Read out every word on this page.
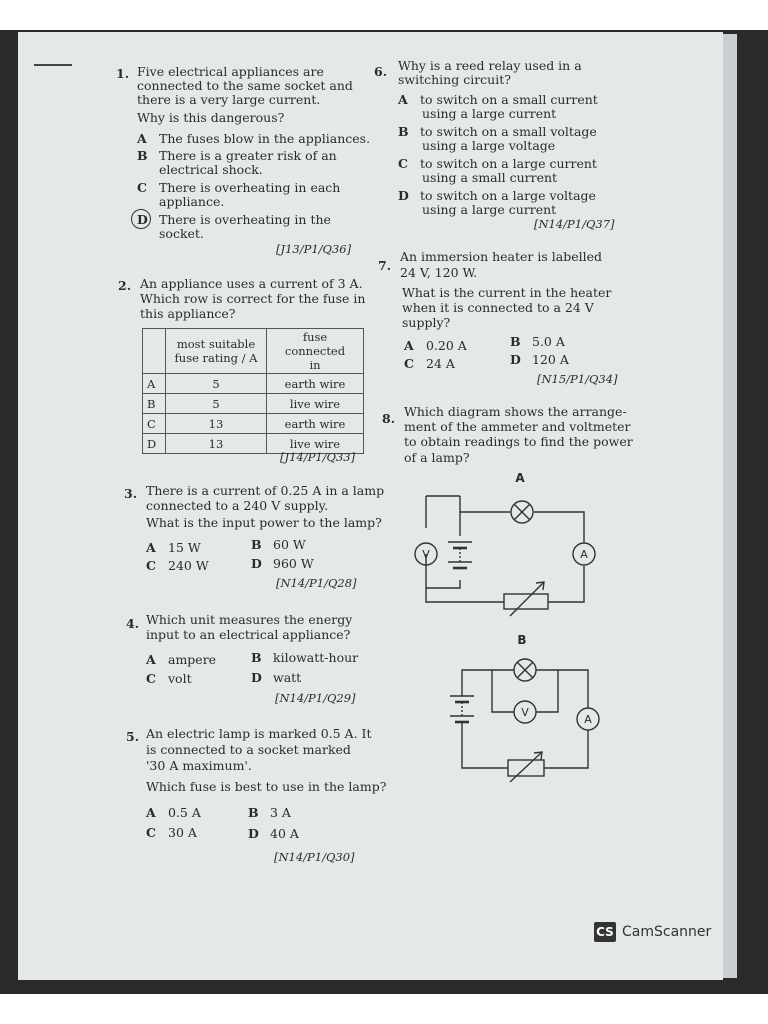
1. Five electrical appliances are
connected to the same socket and
there is a very large current.
Why is this dangerous?
A The fuses blow in the appliances.
B There is a greater risk of an
electrical shock.
C There is overheating in each
appliance.
D There is overheating in the
socket.
[J13/P1/Q36]
2. An appliance uses a current of 3 A.
Which row is correct for the fuse in
this appliance?
	most suitable
fuse rating / A	fuse connected
in
A	5	earth wire
B	5	live wire
C	13	earth wire
D	13	live wire
[J14/P1/Q33]
3. There is a current of 0.25 A in a lamp
connected to a 240 V supply.
What is the input power to the lamp?
A 15 W	B 60 W
C 240 W	D 960 W
[N14/P1/Q28]
4. Which unit measures the energy
input to an electrical appliance?
A ampere	B kilowatt-hour
C volt	D watt
[N14/P1/Q29]
5. An electric lamp is marked 0.5 A. It
is connected to a socket marked
'30 A maximum'.
Which fuse is best to use in the lamp?
A 0.5 A	B 3 A
C 30 A	D 40 A
[N14/P1/Q30]
6. Why is a reed relay used in a
switching circuit?
A to switch on a small current
using a large current
B to switch on a small voltage
using a large voltage
C to switch on a large current
using a small current
D to switch on a large voltage
using a large current
[N14/P1/Q37]
7.
An immersion heater is labelled
24 V, 120 W.
What is the current in the heater
when it is connected to a 24 V
supply?
A 0.20 A	B 5.0 A
C 24 A	D 120 A
[N15/P1/Q34]
8. Which diagram shows the arrange-
ment of the ammeter and voltmeter
to obtain readings to find the power
of a lamp?
A
V	A
B
V
A
CS CamScanner
